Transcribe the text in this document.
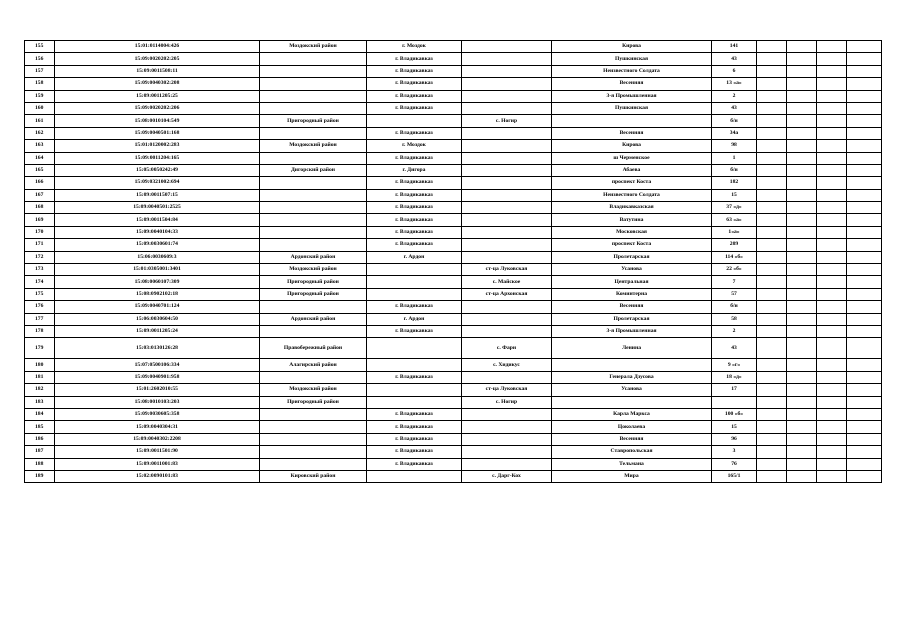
155	15:01:0114004:426	Моздокский район	г. Моздок		Кирова	141				
156	15:09:0020202:205		г. Владикавказ		Пушкинская	43				
157	15:09:0011508:11		г. Владикавказ		Неизвестного Солдата	6				
158	15:09:0040302:208		г. Владикавказ		Весенняя	13 «а»				
159	15:09:0011205:25		г. Владикавказ		3-я Промышленная	2				
160	15:09:0020202:206		г. Владикавказ		Пушкинская	43				
161	15:08:0010104:549	Пригородный район		с. Ногир		б/н				
162	15:09:0040501:168		г. Владикавказ		Весенняя	34а				
163	15:01:0120002:283	Моздокский район	г. Моздок		Кирова	98				
164	15:09:0011204:165		г. Владикавказ		ш Черменское	1				
165	15:05:0050242:49	Дигорский район	г. Дигора		Абаева	б/н				
166	15:09:0321002:694		г. Владикавказ		проспект Коста	182				
167	15:09:0011507:15		г. Владикавказ		Неизвестного Солдата	15				
168	15:09:0040501:2525		г. Владикавказ		Владикавказская	37 «д»				
169	15:09:0011504:84		г. Владикавказ		Ватутина	63 «а»				
170	15:09:0040104:33		г. Владикавказ		Московская	1«а»				
171	15:09:0030601:74		г. Владикавказ		проспект Коста	209				
172	15:06:0030609:3	Ардонский район	г. Ардон		Пролетарская	114 «б»				
173	15:01:0305001:3401	Моздокский район		ст-ца Луковская	Усанова	22 «б»				
174	15:08:0060107:309	Пригородный район		с. Майское	Центральная	7				
175	15:08:0902102:18	Пригородный район		ст-ца Архонская	Коминтерна	57				
176	15:09:0040701:124		г. Владикавказ		Весенняя	б/н				
177	15:06:0030604:50	Ардонский район	г. Ардон		Пролетарская	58				
178	15:09:0011205:24		г. Владикавказ		3-я Промышленная	2				
179	15:03:0130126:28	Правобережный район		с. Фарн	Ленина	43				
180	15:07:0500106:334	Алагирский район		с. Хидикус		9 «г»				
181	15:09:0040901:958		г. Владикавказ		Генерала Дзусова	18 «д»				
182	15:01:2602010:55	Моздокский район		ст-ца Луковская	Усанова	17				
183	15:08:0010103:203	Пригородный район		с. Ногир						
184	15:09:0030605:358		г. Владикавказ		Карла Маркса	100 «б»				
185	15:09:0040304:31		г. Владикавказ		Цоколаева	15				
186	15:09:0040302:2208		г. Владикавказ		Весенняя	96				
187	15:09:0011501:90		г. Владикавказ		Ставропольская	3				
188	15:09:0011001:83		г. Владикавказ		Тельмана	76				
189	15:02:0090101:83	Кировский район		с. Дарг-Кох	Мира	165/1				
